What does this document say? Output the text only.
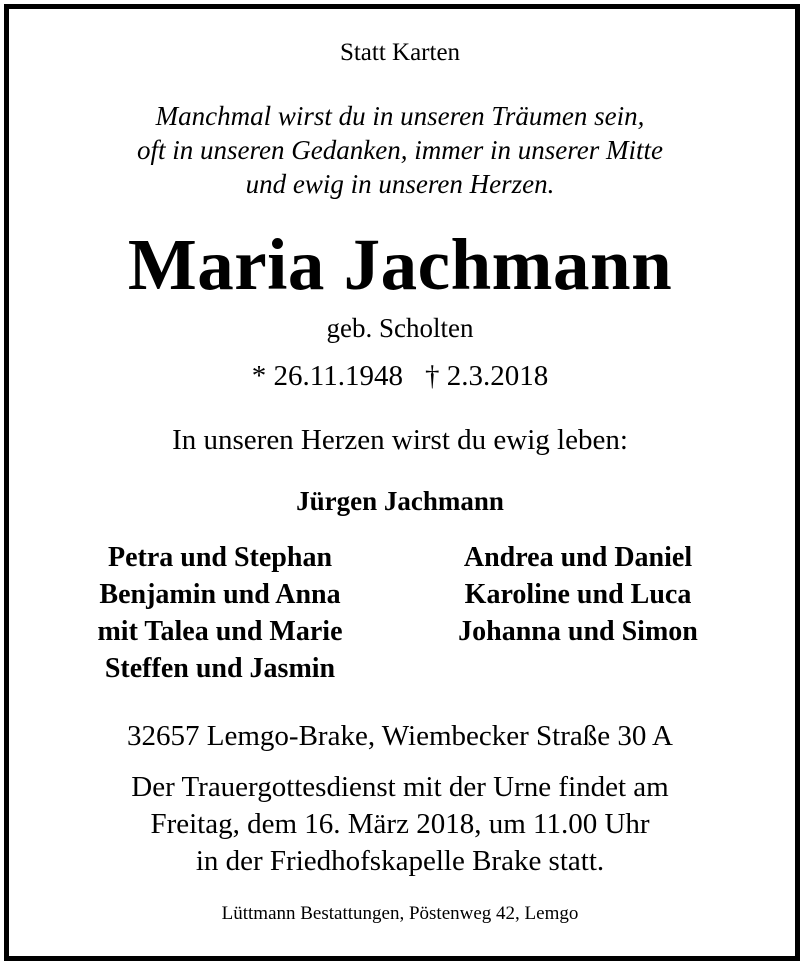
Statt Karten
Manchmal wirst du in unseren Träumen sein,
oft in unseren Gedanken, immer in unserer Mitte
und ewig in unseren Herzen.
Maria Jachmann
geb. Scholten
* 26.11.1948 † 2.3.2018
In unseren Herzen wirst du ewig leben:
Jürgen Jachmann
Petra und Stephan
Benjamin und Anna
mit Talea und Marie
Steffen und Jasmin
Andrea und Daniel
Karoline und Luca
Johanna und Simon
32657 Lemgo-Brake, Wiembecker Straße 30 A
Der Trauergottesdienst mit der Urne findet am
Freitag, dem 16. März 2018, um 11.00 Uhr
in der Friedhofskapelle Brake statt.
Lüttmann Bestattungen, Pöstenweg 42, Lemgo
